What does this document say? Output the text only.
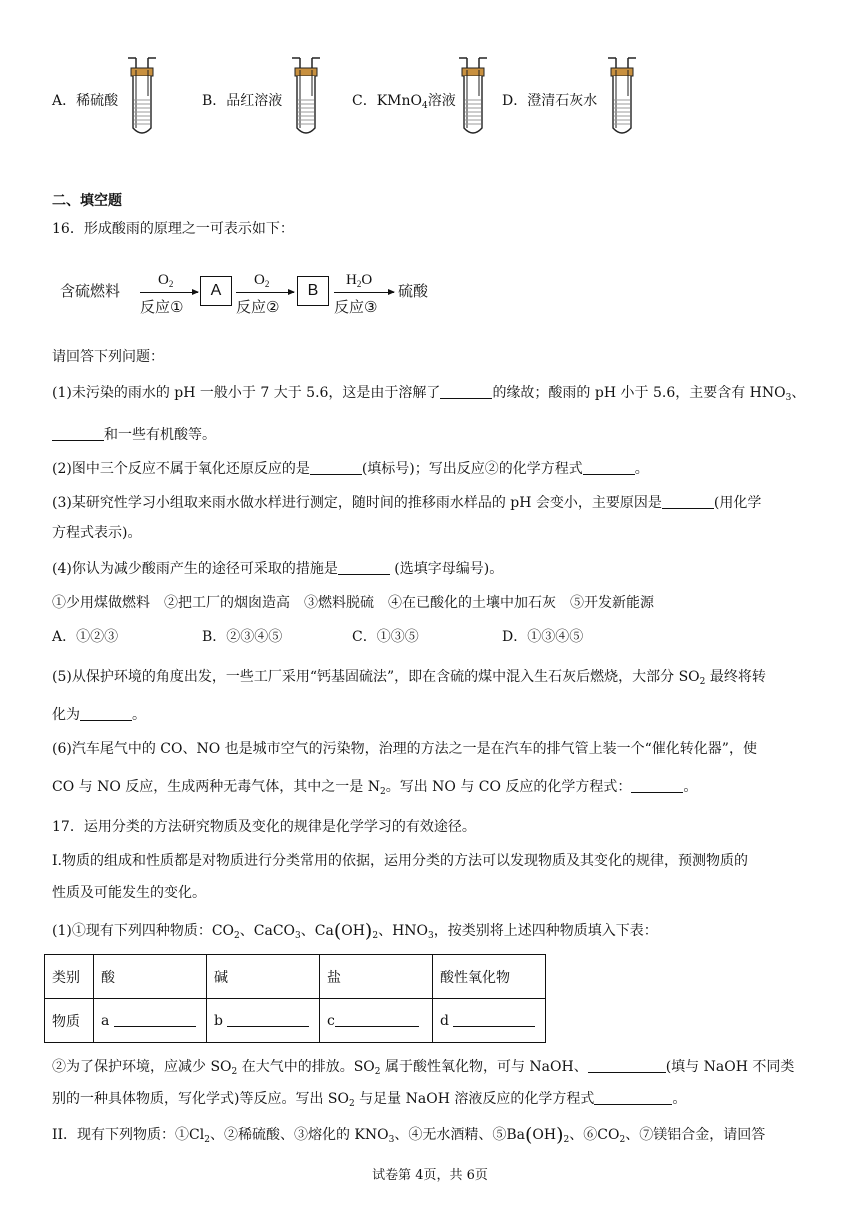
A．稀硫酸	B．品红溶液	C．KMnO$_4$溶液	D．澄清石灰水
二、填空题
16．形成酸雨的原理之一可表示如下：
含硫燃料
$O_2$
反应①
A
$O_2$
反应②
B
$H_2O$
反应③
硫酸
请回答下列问题：
(1)未污染的雨水的 pH 一般小于 7 大于 5.6，这是由于溶解了	的缘故；酸雨的 pH 小于 5.6，主要含有 $HNO_3$、
和一些有机酸等。
(2)图中三个反应不属于氧化还原反应的是	(填标号)；写出反应②的化学方程式	。
(3)某研究性学习小组取来雨水做水样进行测定，随时间的推移雨水样品的 pH 会变小，主要原因是	(用化学
方程式表示)。
(4)你认为减少酸雨产生的途径可采取的措施是	(选填字母编号)。
①少用煤做燃料　②把工厂的烟囱造高　③燃料脱硫　④在已酸化的土壤中加石灰　⑤开发新能源
A．①②③	B．②③④⑤	C．①③⑤	D．①③④⑤
(5)从保护环境的角度出发，一些工厂采用“钙基固硫法”，即在含硫的煤中混入生石灰后燃烧，大部分 $SO_2$ 最终将转
化为	。
(6)汽车尾气中的 CO、NO 也是城市空气的污染物，治理的方法之一是在汽车的排气管上装一个“催化转化器”，使
CO 与 NO 反应，生成两种无毒气体，其中之一是 $N_2$。写出 NO 与 CO 反应的化学方程式：	。
17．运用分类的方法研究物质及变化的规律是化学学习的有效途径。
I.物质的组成和性质都是对物质进行分类常用的依据，运用分类的方法可以发现物质及其变化的规律，预测物质的
性质及可能发生的变化。
(1)①现有下列四种物质：$CO_2$、CaCO$_3$、$Ca(OH)_2$、$HNO_3$，按类别将上述四种物质填入下表：
类别	酸	碱	盐	酸性氧化物
物质	a	b	c	d
②为了保护环境，应减少 $SO_2$ 在大气中的排放。$SO_2$ 属于酸性氧化物，可与 NaOH、	(填与 NaOH 不同类
别的一种具体物质，写化学式)等反应。写出 $SO_2$ 与足量 NaOH 溶液反应的化学方程式	。
II．现有下列物质：$①Cl_2$、②稀硫酸、③熔化的 $KNO_3$、④无水酒精、$⑤Ba(OH)_2$、$⑥CO_2$、⑦镁铝合金，请回答
试卷第 4页，共 6页
